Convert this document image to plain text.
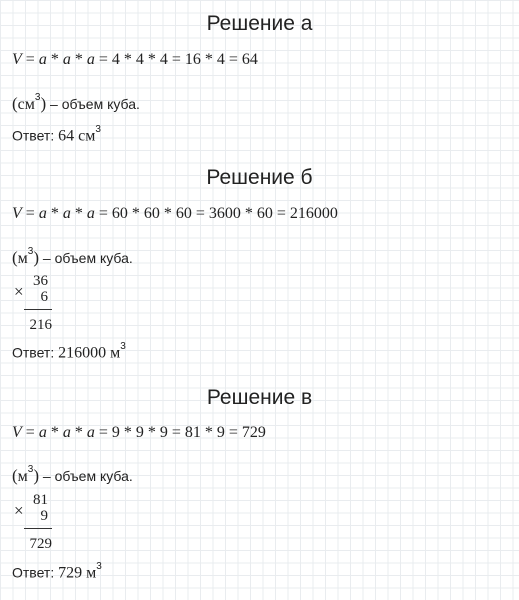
Решение а
V = a * a * a = 4 * 4 * 4 = 16 * 4 = 64
$(см^3)$ – объем куба.
Ответ: 64 $см^3$
Решение б
V = a * a * a = 60 * 60 * 60 = 3600 * 60 = 216000
$(м^3)$ – объем куба.
×
36
6
216
Ответ: 216000 $м^3$
Решение в
V = a * a * a = 9 * 9 * 9 = 81 * 9 = 729
$(м^3)$ – объем куба.
×
81
9
729
Ответ: 729 $м^3$
